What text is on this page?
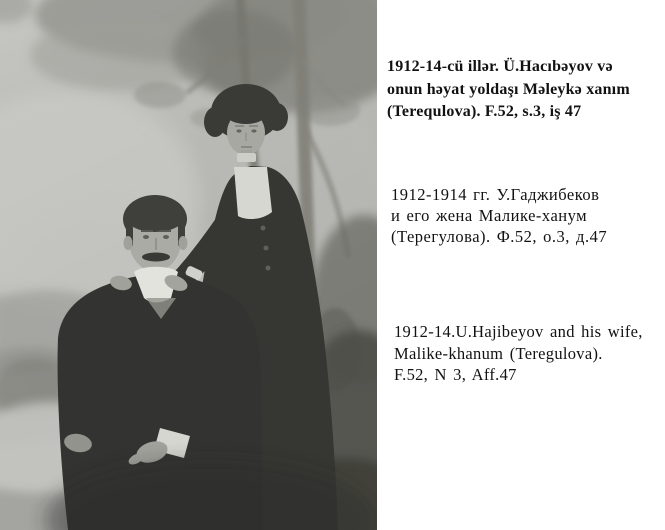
1912-14-cü illər. Ü.Hacıbəyov və
onun həyat yoldaşı Məleykə xanım
(Terequlova). F.52, s.3, iş 47
1912-1914 гг. У.Гаджибеков
и его жена Малике-ханум
(Терегулова). Ф.52, о.3, д.47
1912-14.U.Hajibeyov and his wife,
Malike-khanum (Teregulova).
F.52, N 3, Aff.47
